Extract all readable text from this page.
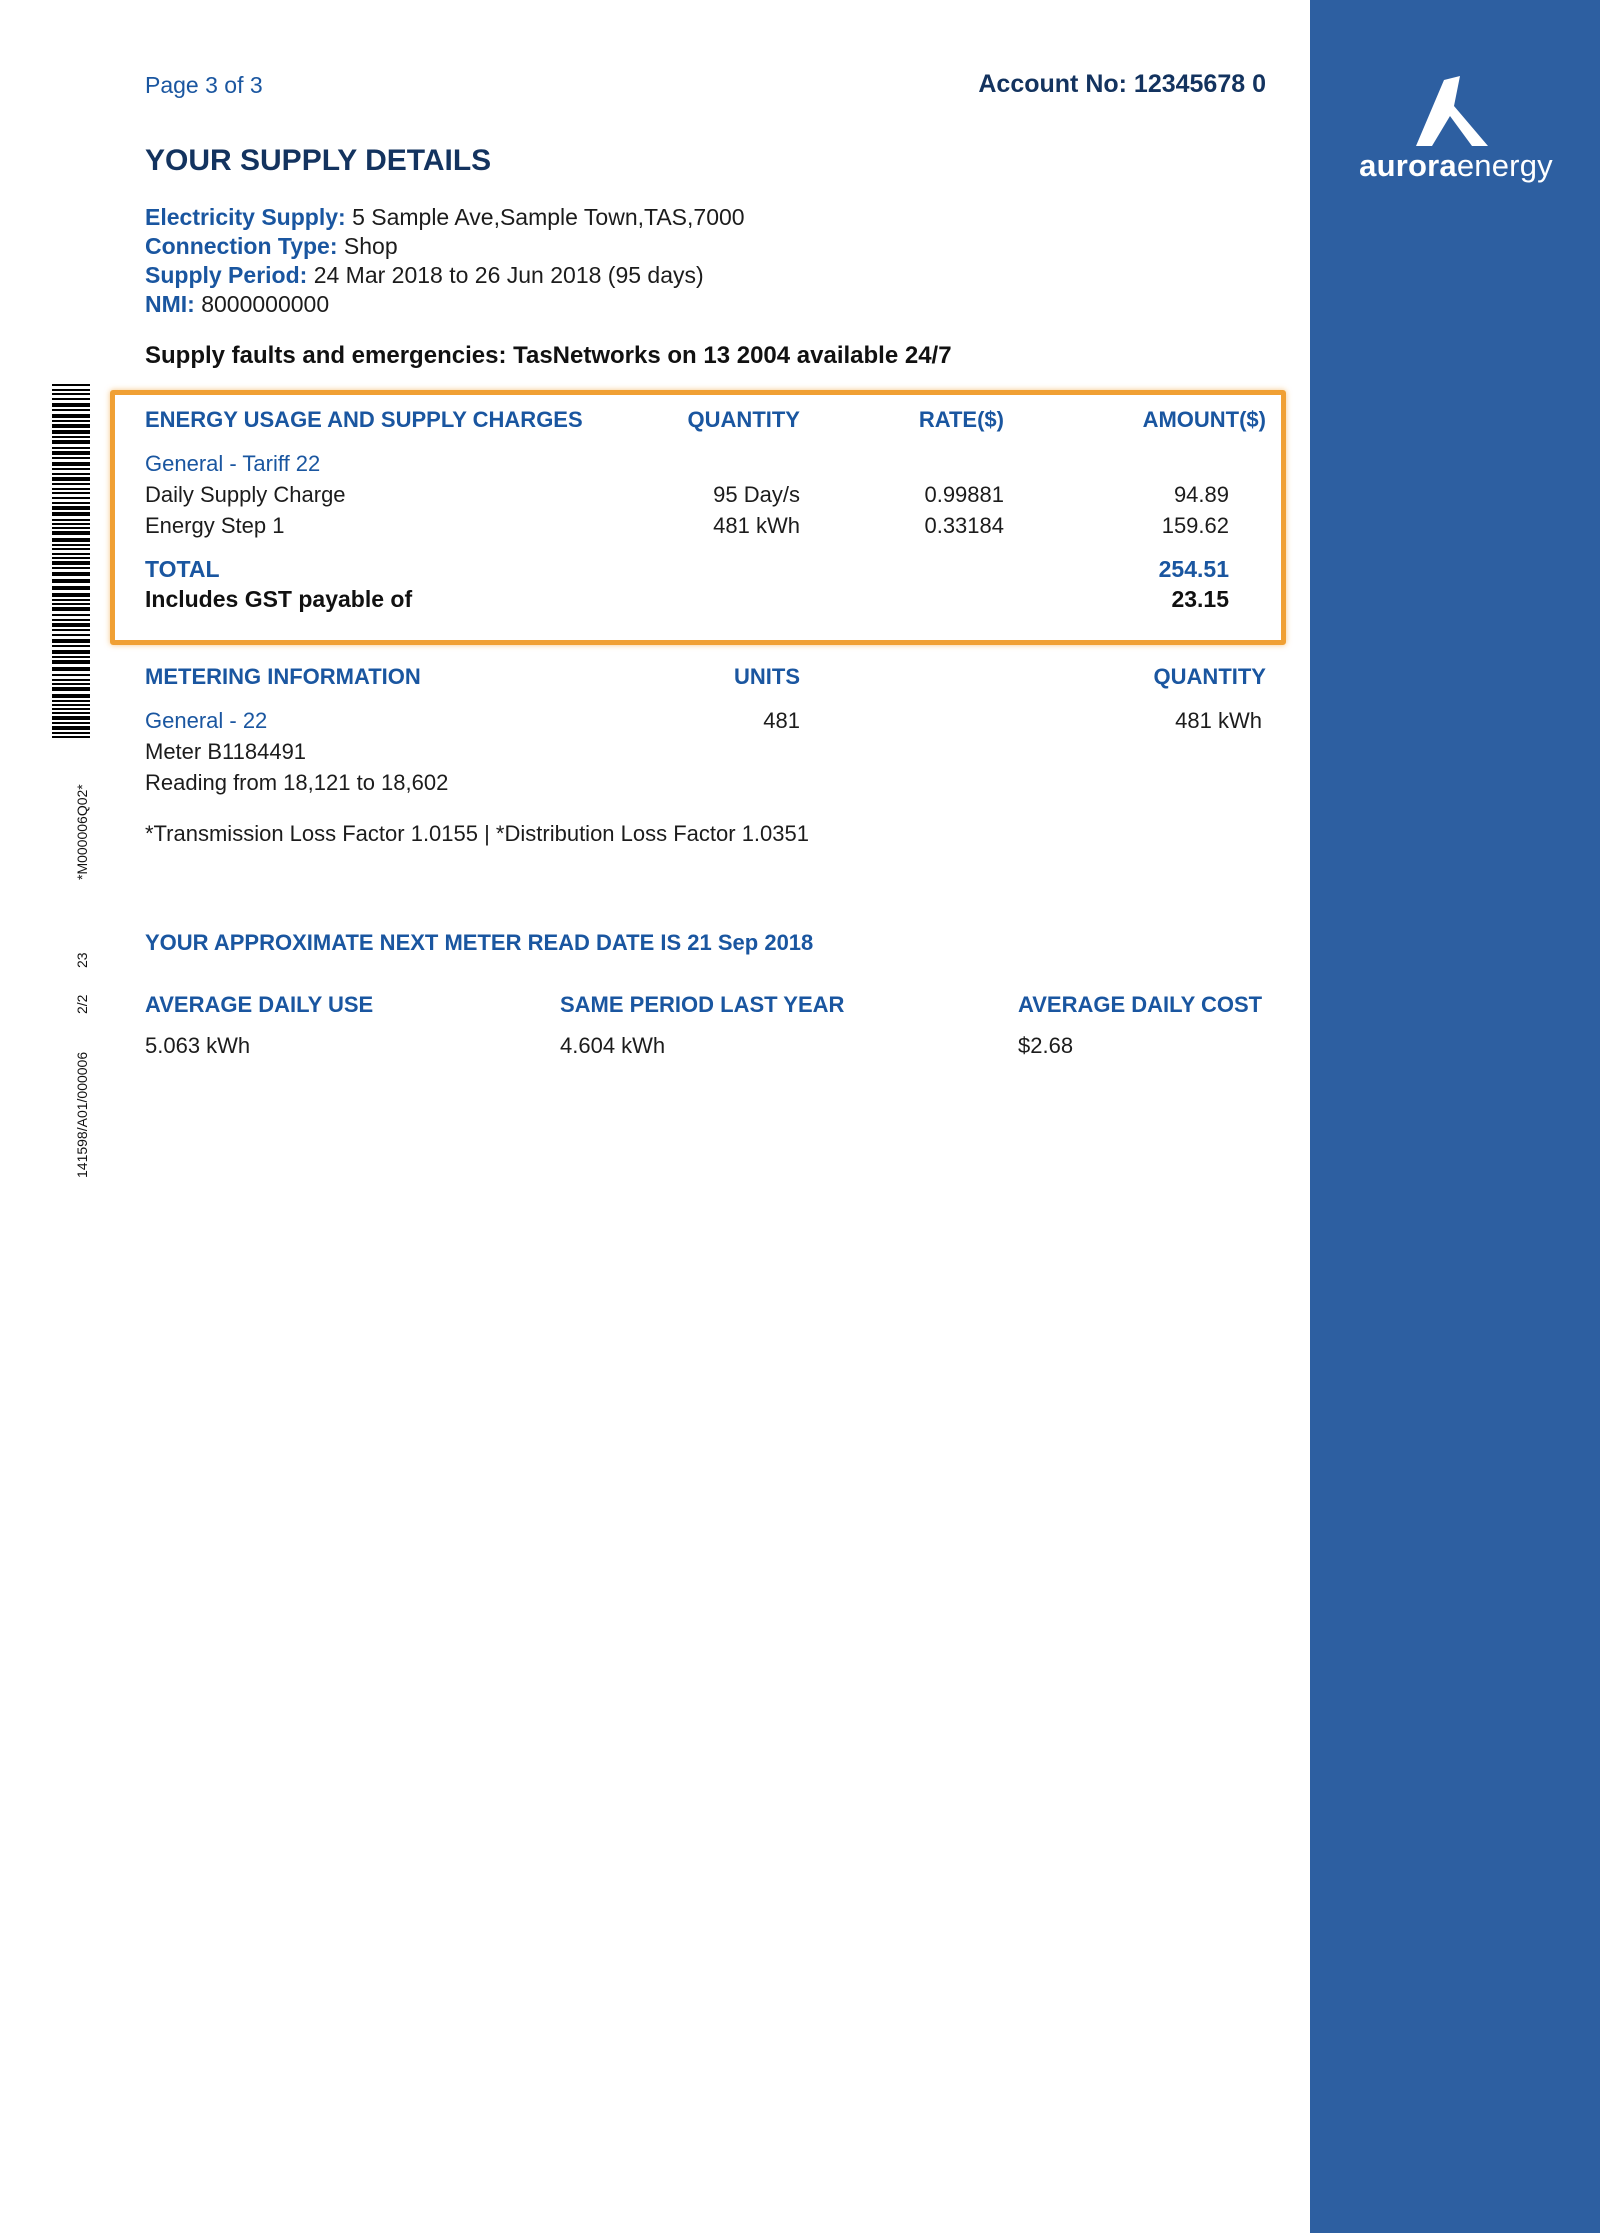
auroraenergy
*M000006Q02*
23
2/2
141598/A01/000006
Page 3 of 3	Account No: 12345678 0
YOUR SUPPLY DETAILS
Electricity Supply: 5 Sample Ave,Sample Town,TAS,7000
Connection Type: Shop
Supply Period: 24 Mar 2018 to 26 Jun 2018 (95 days)
NMI: 8000000000
Supply faults and emergencies: TasNetworks on 13 2004 available 24/7
ENERGY USAGE AND SUPPLY CHARGES	QUANTITY	RATE($)	AMOUNT($)
General - Tariff 22
Daily Supply Charge	95 Day/s	0.99881	94.89
Energy Step 1	481 kWh	0.33184	159.62
TOTAL	254.51
Includes GST payable of	23.15
METERING INFORMATION	UNITS	QUANTITY
General - 22	481	481 kWh
Meter B1184491
Reading from 18,121 to 18,602
*Transmission Loss Factor 1.0155 | *Distribution Loss Factor 1.0351
YOUR APPROXIMATE NEXT METER READ DATE IS 21 Sep 2018
AVERAGE DAILY USE	SAME PERIOD LAST YEAR	AVERAGE DAILY COST
5.063 kWh	4.604 kWh	$2.68
